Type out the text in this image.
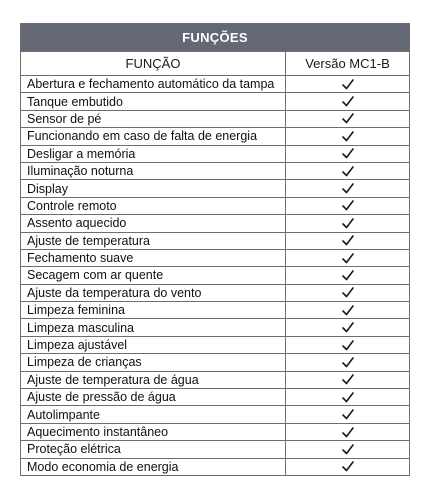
FUNÇÕES
FUNÇÃO	Versão MC1-B
Abertura e fechamento automático da tampa
Tanque embutido
Sensor de pé
Funcionando em caso de falta de energia
Desligar a memória
Iluminação noturna
Display
Controle remoto
Assento aquecido
Ajuste de temperatura
Fechamento suave
Secagem com ar quente
Ajuste da temperatura do vento
Limpeza feminina
Limpeza masculina
Limpeza ajustável
Limpeza de crianças
Ajuste de temperatura de água
Ajuste de pressão de água
Autolimpante
Aquecimento instantâneo
Proteção elétrica
Modo economia de energia
